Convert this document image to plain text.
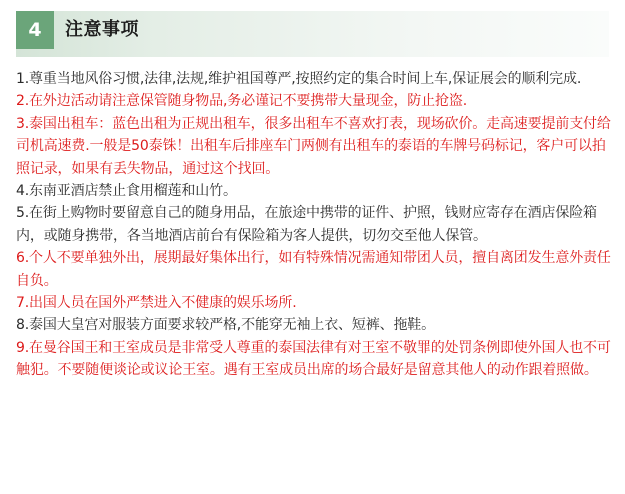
4	注意事项
1.尊重当地风俗习惯,法律,法规,维护祖国尊严,按照约定的集合时间上车,保证展会的顺利完成.
2.在外边活动请注意保管随身物品,务必谨记不要携带大量现金，防止抢盗.
3.泰国出租车：蓝色出租为正规出租车，很多出租车不喜欢打表，现场砍价。走高速要提前支付给司机高速费.一般是50泰铢！出租车后排座车门两侧有出租车的泰语的车牌号码标记，客户可以拍照记录，如果有丢失物品，通过这个找回。
4.东南亚酒店禁止食用榴莲和山竹。
5.在街上购物时要留意自己的随身用品，在旅途中携带的证件、护照，钱财应寄存在酒店保险箱内，或随身携带，各当地酒店前台有保险箱为客人提供，切勿交至他人保管。
6.个人不要单独外出，展期最好集体出行，如有特殊情况需通知带团人员，擅自离团发生意外责任自负。
7.出国人员在国外严禁进入不健康的娱乐场所.
8.泰国大皇宫对服装方面要求较严格,不能穿无袖上衣、短裤、拖鞋。
9.在曼谷国王和王室成员是非常受人尊重的泰国法律有对王室不敬罪的处罚条例即使外国人也不可触犯。不要随便谈论或议论王室。遇有王室成员出席的场合最好是留意其他人的动作跟着照做。
